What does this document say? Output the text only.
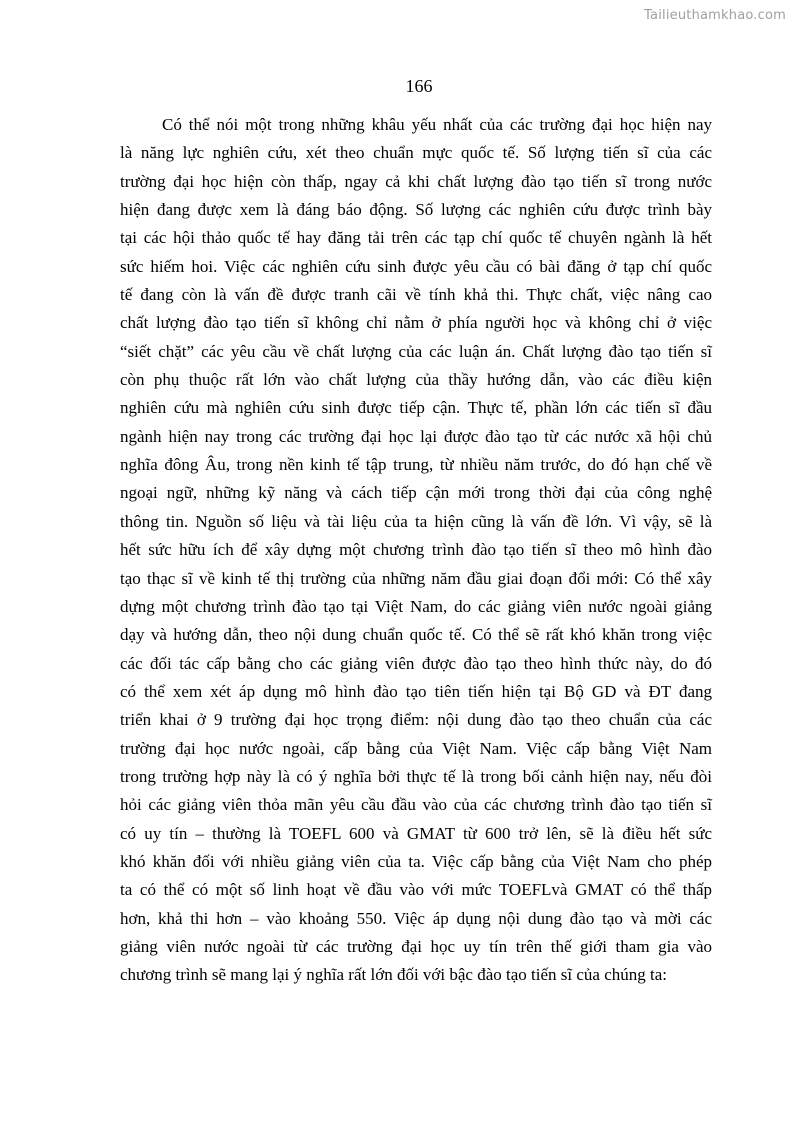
Tailieuthamkhao.com
166
Có thể nói một trong những khâu yếu nhất của các trường đại học hiện nay
là năng lực nghiên cứu, xét theo chuẩn mực quốc tế. Số lượng tiến sĩ của các
trường đại học hiện còn thấp, ngay cả khi chất lượng đào tạo tiến sĩ trong nước
hiện đang được xem là đáng báo động. Số lượng các nghiên cứu được trình bày
tại các hội thảo quốc tế hay đăng tải trên các tạp chí quốc tế chuyên ngành là hết
sức hiếm hoi. Việc các nghiên cứu sinh được yêu cầu có bài đăng ở tạp chí quốc
tế đang còn là vấn đề được tranh cãi về tính khả thi. Thực chất, việc nâng cao
chất lượng đào tạo tiến sĩ không chỉ nằm ở phía người học và không chỉ ở việc
“siết chặt” các yêu cầu về chất lượng của các luận án. Chất lượng đào tạo tiến sĩ
còn phụ thuộc rất lớn vào chất lượng của thầy hướng dẫn, vào các điều kiện
nghiên cứu mà nghiên cứu sinh được tiếp cận. Thực tế, phần lớn các tiến sĩ đầu
ngành hiện nay trong các trường đại học lại được đào tạo từ các nước xã hội chủ
nghĩa đông Âu, trong nền kinh tế tập trung, từ nhiều năm trước, do đó hạn chế về
ngoại ngữ, những kỹ năng và cách tiếp cận mới trong thời đại của công nghệ
thông tin. Nguồn số liệu và tài liệu của ta hiện cũng là vấn đề lớn. Vì vậy, sẽ là
hết sức hữu ích để xây dựng một chương trình đào tạo tiến sĩ theo mô hình đào
tạo thạc sĩ về kinh tế thị trường của những năm đầu giai đoạn đổi mới: Có thể xây
dựng một chương trình đào tạo tại Việt Nam, do các giảng viên nước ngoài giảng
dạy và hướng dẫn, theo nội dung chuẩn quốc tế. Có thể sẽ rất khó khăn trong việc
các đối tác cấp bằng cho các giảng viên được đào tạo theo hình thức này, do đó
có thể xem xét áp dụng mô hình đào tạo tiên tiến hiện tại Bộ GD và ĐT đang
triển khai ở 9 trường đại học trọng điểm: nội dung đào tạo theo chuẩn của các
trường đại học nước ngoài, cấp bằng của Việt Nam. Việc cấp bằng Việt Nam
trong trường hợp này là có ý nghĩa bởi thực tế là trong bối cảnh hiện nay, nếu đòi
hỏi các giảng viên thỏa mãn yêu cầu đầu vào của các chương trình đào tạo tiến sĩ
có uy tín – thường là TOEFL 600 và GMAT từ 600 trở lên, sẽ là điều hết sức
khó khăn đối với nhiều giảng viên của ta. Việc cấp bằng của Việt Nam cho phép
ta có thể có một số linh hoạt về đầu vào với mức TOEFLvà GMAT có thể thấp
hơn, khả thi hơn – vào khoảng 550. Việc áp dụng nội dung đào tạo và mời các
giảng viên nước ngoài từ các trường đại học uy tín trên thế giới tham gia vào
chương trình sẽ mang lại ý nghĩa rất lớn đối với bậc đào tạo tiến sĩ của chúng ta:
